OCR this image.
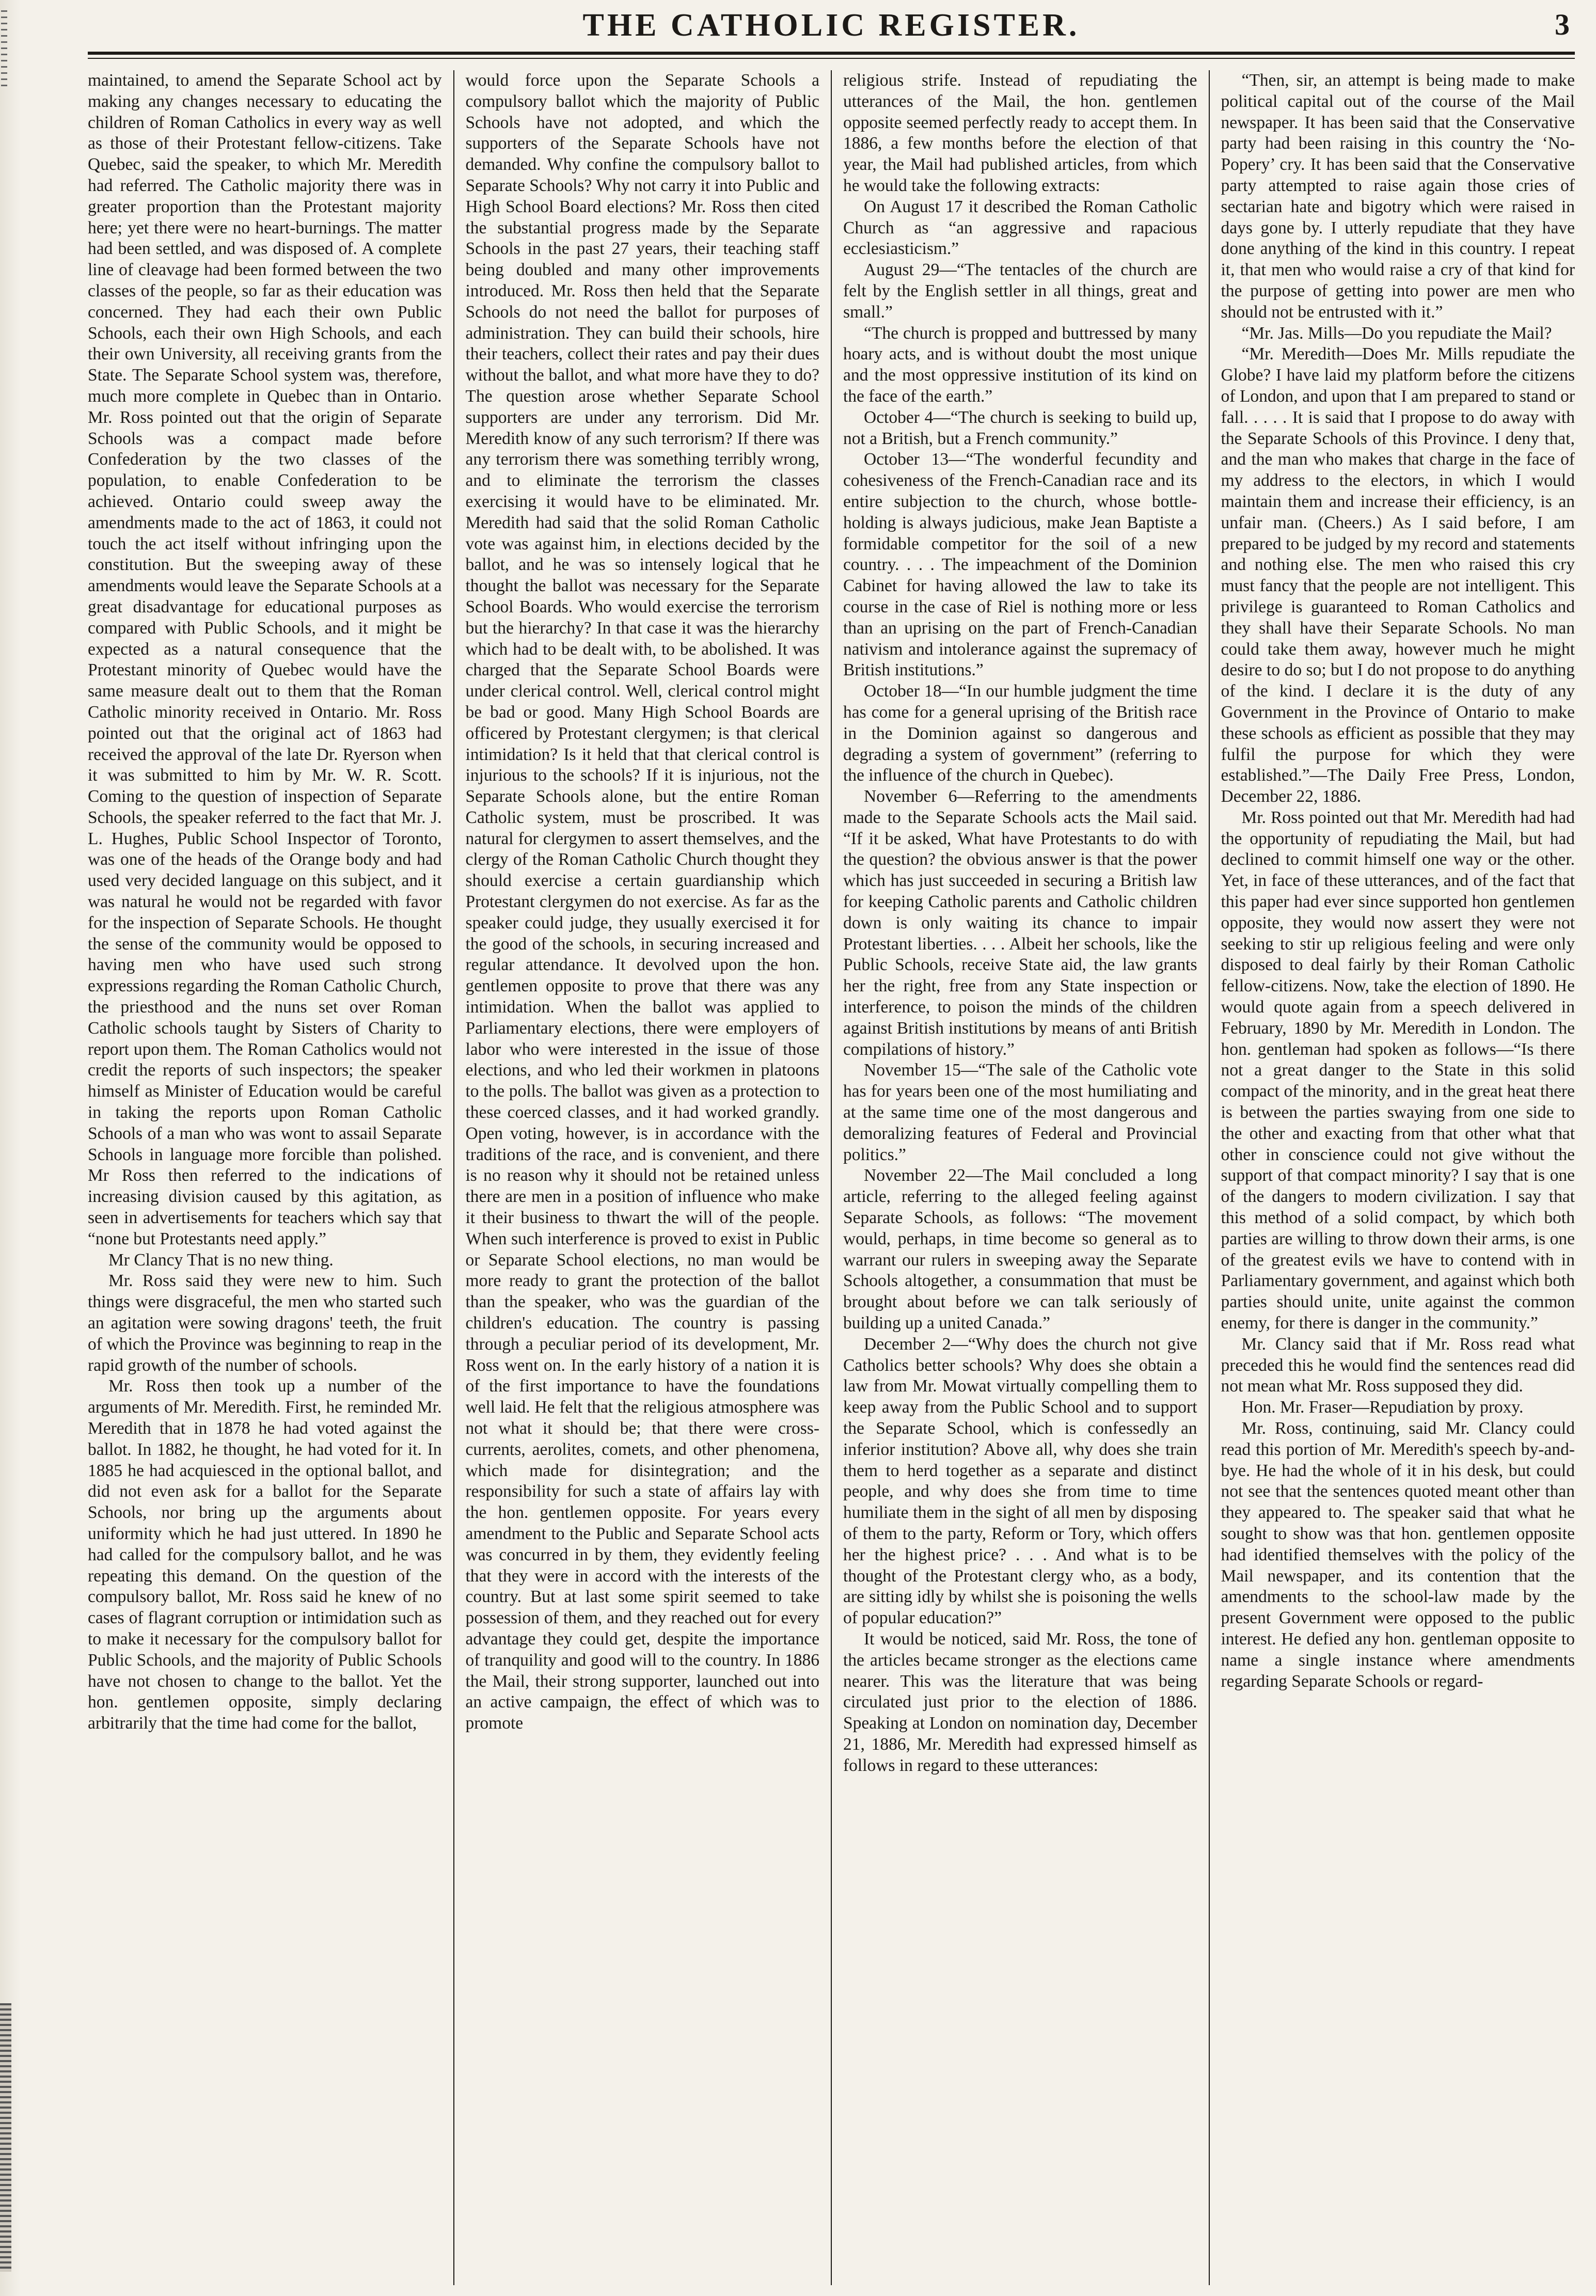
THE CATHOLIC REGISTER.	3

maintained, to amend the Separate School act by making any changes necessary to educating the children of Roman Catholics in every way as well as those of their Protestant fellow-citizens. Take Quebec, said the speaker, to which Mr. Meredith had referred. The Catholic majority there was in greater proportion than the Protestant majority here; yet there were no heart-burnings. The matter had been settled, and was disposed of. A complete line of cleavage had been formed between the two classes of the people, so far as their education was concerned. They had each their own Public Schools, each their own High Schools, and each their own University, all receiving grants from the State. The Separate School system was, therefore, much more complete in Quebec than in Ontario. Mr. Ross pointed out that the origin of Separate Schools was a compact made before Confederation by the two classes of the population, to enable Confederation to be achieved. Ontario could sweep away the amendments made to the act of 1863, it could not touch the act itself without infringing upon the constitution. But the sweeping away of these amendments would leave the Separate Schools at a great disadvantage for educational purposes as compared with Public Schools, and it might be expected as a natural consequence that the Protestant minority of Quebec would have the same measure dealt out to them that the Roman Catholic minority received in Ontario. Mr. Ross pointed out that the original act of 1863 had received the approval of the late Dr. Ryerson when it was submitted to him by Mr. W. R. Scott. Coming to the question of inspection of Separate Schools, the speaker referred to the fact that Mr. J. L. Hughes, Public School Inspector of Toronto, was one of the heads of the Orange body and had used very decided language on this subject, and it was natural he would not be regarded with favor for the inspection of Separate Schools. He thought the sense of the community would be opposed to having men who have used such strong expressions regarding the Roman Catholic Church, the priesthood and the nuns set over Roman Catholic schools taught by Sisters of Charity to report upon them. The Roman Catholics would not credit the reports of such inspectors; the speaker himself as Minister of Education would be careful in taking the reports upon Roman Catholic Schools of a man who was wont to assail Separate Schools in language more forcible than polished. Mr Ross then referred to the indications of increasing division caused by this agitation, as seen in advertisements for teachers which say that “none but Protestants need apply.”

Mr Clancy That is no new thing.

Mr. Ross said they were new to him. Such things were disgraceful, the men who started such an agitation were sowing dragons' teeth, the fruit of which the Province was beginning to reap in the rapid growth of the number of schools.

Mr. Ross then took up a number of the arguments of Mr. Meredith. First, he reminded Mr. Meredith that in 1878 he had voted against the ballot. In 1882, he thought, he had voted for it. In 1885 he had acquiesced in the optional ballot, and did not even ask for a ballot for the Separate Schools, nor bring up the arguments about uniformity which he had just uttered. In 1890 he had called for the compulsory ballot, and he was repeating this demand. On the question of the compulsory ballot, Mr. Ross said he knew of no cases of flagrant corruption or intimidation such as to make it necessary for the compulsory ballot for Public Schools, and the majority of Public Schools have not chosen to change to the ballot. Yet the hon. gentlemen opposite, simply declaring arbitrarily that the time had come for the ballot,

would force upon the Separate Schools a compulsory ballot which the majority of Public Schools have not adopted, and which the supporters of the Separate Schools have not demanded. Why confine the compulsory ballot to Separate Schools? Why not carry it into Public and High School Board elections? Mr. Ross then cited the substantial progress made by the Separate Schools in the past 27 years, their teaching staff being doubled and many other improvements introduced. Mr. Ross then held that the Separate Schools do not need the ballot for purposes of administration. They can build their schools, hire their teachers, collect their rates and pay their dues without the ballot, and what more have they to do? The question arose whether Separate School supporters are under any terrorism. Did Mr. Meredith know of any such terrorism? If there was any terrorism there was something terribly wrong, and to eliminate the terrorism the classes exercising it would have to be eliminated. Mr. Meredith had said that the solid Roman Catholic vote was against him, in elections decided by the ballot, and he was so intensely logical that he thought the ballot was necessary for the Separate School Boards. Who would exercise the terrorism but the hierarchy? In that case it was the hierarchy which had to be dealt with, to be abolished. It was charged that the Separate School Boards were under clerical control. Well, clerical control might be bad or good. Many High School Boards are officered by Protestant clergymen; is that clerical intimidation? Is it held that that clerical control is injurious to the schools? If it is injurious, not the Separate Schools alone, but the entire Roman Catholic system, must be proscribed. It was natural for clergymen to assert themselves, and the clergy of the Roman Catholic Church thought they should exercise a certain guardianship which Protestant clergymen do not exercise. As far as the speaker could judge, they usually exercised it for the good of the schools, in securing increased and regular attendance. It devolved upon the hon. gentlemen opposite to prove that there was any intimidation. When the ballot was applied to Parliamentary elections, there were employers of labor who were interested in the issue of those elections, and who led their workmen in platoons to the polls. The ballot was given as a protection to these coerced classes, and it had worked grandly. Open voting, however, is in accordance with the traditions of the race, and is convenient, and there is no reason why it should not be retained unless there are men in a position of influence who make it their business to thwart the will of the people. When such interference is proved to exist in Public or Separate School elections, no man would be more ready to grant the protection of the ballot than the speaker, who was the guardian of the children's education. The country is passing through a peculiar period of its development, Mr. Ross went on. In the early history of a nation it is of the first importance to have the foundations well laid. He felt that the religious atmosphere was not what it should be; that there were cross-currents, aerolites, comets, and other phenomena, which made for disintegration; and the responsibility for such a state of affairs lay with the hon. gentlemen opposite. For years every amendment to the Public and Separate School acts was concurred in by them, they evidently feeling that they were in accord with the interests of the country. But at last some spirit seemed to take possession of them, and they reached out for every advantage they could get, despite the importance of tranquility and good will to the country. In 1886 the Mail, their strong supporter, launched out into an active campaign, the effect of which was to promote

religious strife. Instead of repudiating the utterances of the Mail, the hon. gentlemen opposite seemed perfectly ready to accept them. In 1886, a few months before the election of that year, the Mail had published articles, from which he would take the following extracts:

On August 17 it described the Roman Catholic Church as “an aggressive and rapacious ecclesiasticism.”

August 29—“The tentacles of the church are felt by the English settler in all things, great and small.”

“The church is propped and buttressed by many hoary acts, and is without doubt the most unique and the most oppressive institution of its kind on the face of the earth.”

October 4—“The church is seeking to build up, not a British, but a French community.”

October 13—“The wonderful fecundity and cohesiveness of the French-Canadian race and its entire subjection to the church, whose bottle-holding is always judicious, make Jean Baptiste a formidable competitor for the soil of a new country. . . . The impeachment of the Dominion Cabinet for having allowed the law to take its course in the case of Riel is nothing more or less than an uprising on the part of French-Canadian nativism and intolerance against the supremacy of British institutions.”

October 18—“In our humble judgment the time has come for a general uprising of the British race in the Dominion against so dangerous and degrading a system of government” (referring to the influence of the church in Quebec).

November 6—Referring to the amendments made to the Separate Schools acts the Mail said. “If it be asked, What have Protestants to do with the question? the obvious answer is that the power which has just succeeded in securing a British law for keeping Catholic parents and Catholic children down is only waiting its chance to impair Protestant liberties. . . . Albeit her schools, like the Public Schools, receive State aid, the law grants her the right, free from any State inspection or interference, to poison the minds of the children against British institutions by means of anti British compilations of history.”

November 15—“The sale of the Catholic vote has for years been one of the most humiliating and at the same time one of the most dangerous and demoralizing features of Federal and Provincial politics.”

November 22—The Mail concluded a long article, referring to the alleged feeling against Separate Schools, as follows: “The movement would, perhaps, in time become so general as to warrant our rulers in sweeping away the Separate Schools altogether, a consummation that must be brought about before we can talk seriously of building up a united Canada.”

December 2—“Why does the church not give Catholics better schools? Why does she obtain a law from Mr. Mowat virtually compelling them to keep away from the Public School and to support the Separate School, which is confessedly an inferior institution? Above all, why does she train them to herd together as a separate and distinct people, and why does she from time to time humiliate them in the sight of all men by disposing of them to the party, Reform or Tory, which offers her the highest price? . . . And what is to be thought of the Protestant clergy who, as a body, are sitting idly by whilst she is poisoning the wells of popular education?”

It would be noticed, said Mr. Ross, the tone of the articles became stronger as the elections came nearer. This was the literature that was being circulated just prior to the election of 1886. Speaking at London on nomination day, December 21, 1886, Mr. Meredith had expressed himself as follows in regard to these utterances:

“Then, sir, an attempt is being made to make political capital out of the course of the Mail newspaper. It has been said that the Conservative party had been raising in this country the ‘No-Popery’ cry. It has been said that the Conservative party attempted to raise again those cries of sectarian hate and bigotry which were raised in days gone by. I utterly repudiate that they have done anything of the kind in this country. I repeat it, that men who would raise a cry of that kind for the purpose of getting into power are men who should not be entrusted with it.”

“Mr. Jas. Mills—Do you repudiate the Mail?

“Mr. Meredith—Does Mr. Mills repudiate the Globe? I have laid my platform before the citizens of London, and upon that I am prepared to stand or fall. . . . . It is said that I propose to do away with the Separate Schools of this Province. I deny that, and the man who makes that charge in the face of my address to the electors, in which I would maintain them and increase their efficiency, is an unfair man. (Cheers.) As I said before, I am prepared to be judged by my record and statements and nothing else. The men who raised this cry must fancy that the people are not intelligent. This privilege is guaranteed to Roman Catholics and they shall have their Separate Schools. No man could take them away, however much he might desire to do so; but I do not propose to do anything of the kind. I declare it is the duty of any Government in the Province of Ontario to make these schools as efficient as possible that they may fulfil the purpose for which they were established.”—The Daily Free Press, London, December 22, 1886.

Mr. Ross pointed out that Mr. Meredith had had the opportunity of repudiating the Mail, but had declined to commit himself one way or the other. Yet, in face of these utterances, and of the fact that this paper had ever since supported hon gentlemen opposite, they would now assert they were not seeking to stir up religious feeling and were only disposed to deal fairly by their Roman Catholic fellow-citizens. Now, take the election of 1890. He would quote again from a speech delivered in February, 1890 by Mr. Meredith in London. The hon. gentleman had spoken as follows—“Is there not a great danger to the State in this solid compact of the minority, and in the great heat there is between the parties swaying from one side to the other and exacting from that other what that other in conscience could not give without the support of that compact minority? I say that is one of the dangers to modern civilization. I say that this method of a solid compact, by which both parties are willing to throw down their arms, is one of the greatest evils we have to contend with in Parliamentary government, and against which both parties should unite, unite against the common enemy, for there is danger in the community.”

Mr. Clancy said that if Mr. Ross read what preceded this he would find the sentences read did not mean what Mr. Ross supposed they did.

Hon. Mr. Fraser—Repudiation by proxy.

Mr. Ross, continuing, said Mr. Clancy could read this portion of Mr. Meredith's speech by-and-bye. He had the whole of it in his desk, but could not see that the sentences quoted meant other than they appeared to. The speaker said that what he sought to show was that hon. gentlemen opposite had identified themselves with the policy of the Mail newspaper, and its contention that the amendments to the school-law made by the present Government were opposed to the public interest. He defied any hon. gentleman opposite to name a single instance where amendments regarding Separate Schools or regard-
